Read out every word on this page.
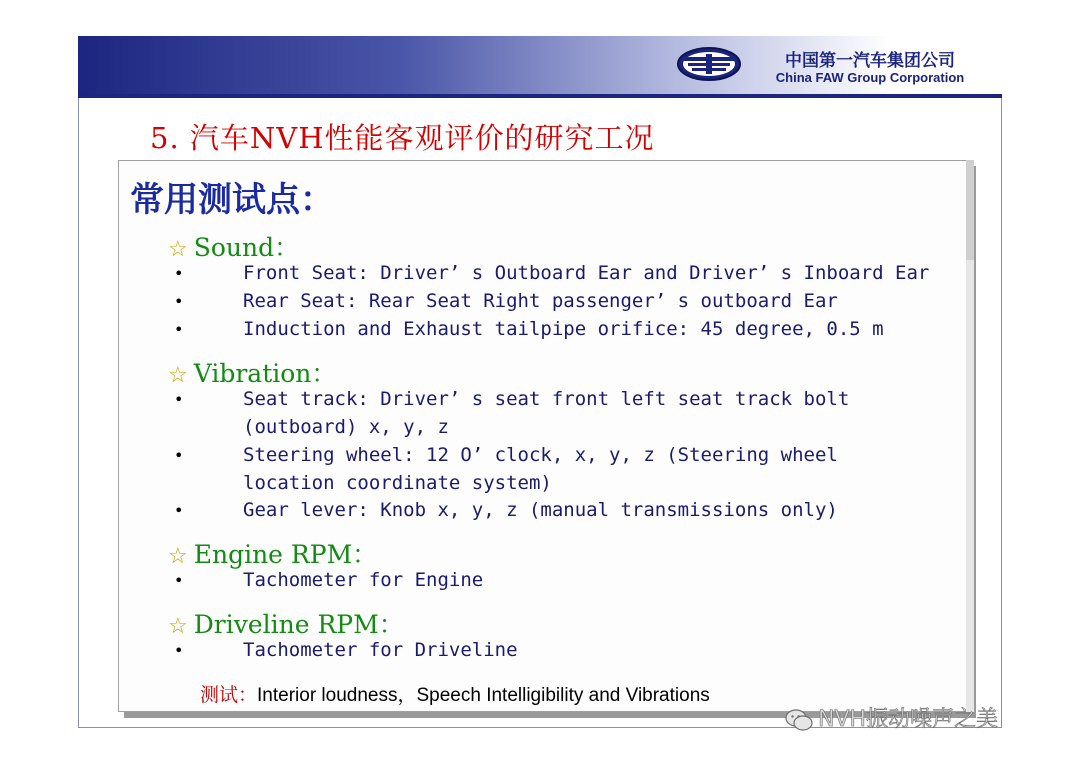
中国第一汽车集团公司
China FAW Group Corporation
5. 汽车NVH性能客观评价的研究工况
常用测试点：
☆ Sound：
•	Front Seat: Driver’ s Outboard Ear and Driver’ s Inboard Ear
•	Rear Seat: Rear Seat Right passenger’ s outboard Ear
•	Induction and Exhaust tailpipe orifice: 45 degree, 0.5 m
☆ Vibration：
•	Seat track: Driver’ s seat front left seat track bolt
(outboard) x, y, z
•	Steering wheel: 12 O’ clock, x, y, z (Steering wheel
location coordinate system)
•	Gear lever: Knob x, y, z (manual transmissions only)
☆ Engine RPM：
•	Tachometer for Engine
☆ Driveline RPM：
•	Tachometer for Driveline
测试：Interior loudness，Speech Intelligibility and Vibrations
NVH振动噪声之美
